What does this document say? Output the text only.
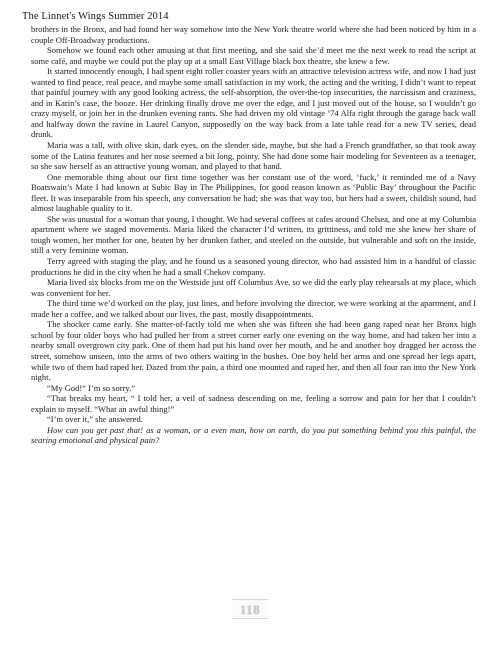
The Linnet's Wings Summer 2014

brothers in the Bronx, and had found her way somehow into the New York theatre world where she had been noticed by him in a couple Off-Broadway productions.

Somehow we found each other amusing at that first meeting, and she said she’d meet me the next week to read the script at some café, and maybe we could put the play up at a small East Village black box theatre, she knew a few.

It started innocently enough, I had spent eight roller coaster years with an attractive television actress wife, and now I had just wanted to find peace, real peace, and maybe some small satisfaction in my work, the acting and the writing, I didn’t want to repeat that painful journey with any good looking actress, the self-absorption, the over-the-top insecurities, the narcissism and craziness, and in Karin’s case, the booze. Her drinking finally drove me over the edge, and I just moved out of the house, so I wouldn’t go crazy myself, or join her in the drunken evening rants. She had driven my old vintage ’74 Alfa right through the garage back wall and halfway down the ravine in Laurel Canyon, supposedly on the way back from a late table read for a new TV series, dead drunk.

Maria was a tall, with olive skin, dark eyes, on the slender side, maybe, but she had a French grandfather, so that took away some of the Latina features and her nose seemed a bit long, pointy. She had done some hair modeling for Seventeen as a teenager, so she saw herself as an attractive young woman, and played to that hand.

One memorable thing about our first time together was her constant use of the word, ‘fuck,’ it reminded me of a Navy Boatswain’s Mate I had known at Subic Bay in The Philippines, for good reason known as ‘Public Bay’ throughout the Pacific fleet. It was inseparable from his speech, any conversation he had; she was that way too, but hers had a sweet, childish sound, had almost laughable quality to it.

She was unusual for a woman that young, I thought. We had several coffees at cafes around Chelsea, and one at my Columbia apartment where we staged movements. Maria liked the character I’d written, its grittiness, and told me she knew her share of tough women, her mother for one, beaten by her drunken father, and steeled on the outside, but vulnerable and soft on the inside, still a very feminine woman.

Terry agreed with staging the play, and he found us a seasoned young director, who had assisted him in a handful of classic productions he did in the city when he had a small Chekov company.

Maria lived six blocks from me on the Westside just off Columbus Ave, so we did the early play rehearsals at my place, which was convenient for her.

The third time we’d worked on the play, just lines, and before involving the director, we were working at the apartment, and I made her a coffee, and we talked about our lives, the past, mostly disappointments.

The shocker came early. She matter-of-factly told me when she was fifteen she had been gang raped near her Bronx high school by four older boys who had pulled her from a street corner early one evening on the way home, and had taken her into a nearby small overgrown city park. One of them had put his hand over her mouth, and he and another boy dragged her across the street, somehow unseen, into the arms of two others waiting in the bushes. One boy held her arms and one spread her legs apart, while two of them had raped her. Dazed from the pain, a third one mounted and raped her, and then all four ran into the New York night.

“My God!” I’m so sorry.”

“That breaks my heart, “ I told her, a veil of sadness descending on me, feeling a sorrow and pain for her that I couldn’t explain to myself. “What an awful thing!”

“I’m over it,” she answered.

How can you get past that! as a woman, or a even man, how on earth, do you put something behind you this painful, the searing emotional and physical pain?

118
